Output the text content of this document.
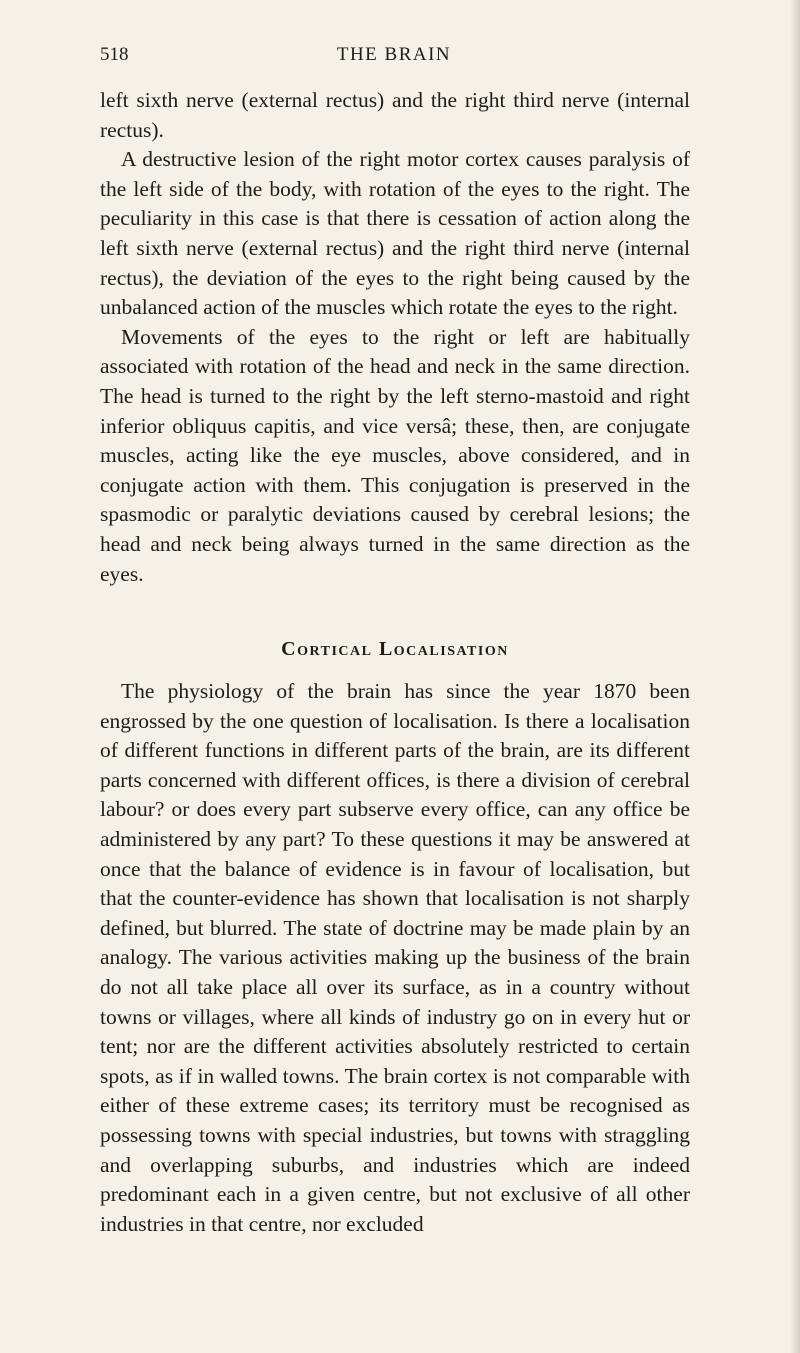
518	THE BRAIN

left sixth nerve (external rectus) and the right third nerve (internal rectus).

A destructive lesion of the right motor cortex causes paralysis of the left side of the body, with rotation of the eyes to the right. The peculiarity in this case is that there is cessation of action along the left sixth nerve (external rectus) and the right third nerve (internal rectus), the deviation of the eyes to the right being caused by the unbalanced action of the muscles which rotate the eyes to the right.

Movements of the eyes to the right or left are habitually associated with rotation of the head and neck in the same direction. The head is turned to the right by the left sterno-mastoid and right inferior obliquus capitis, and vice versâ; these, then, are conjugate muscles, acting like the eye muscles, above considered, and in conjugate action with them. This conjugation is preserved in the spasmodic or paralytic deviations caused by cerebral lesions; the head and neck being always turned in the same direction as the eyes.

Cortical Localisation

The physiology of the brain has since the year 1870 been engrossed by the one question of localisation. Is there a localisation of different functions in different parts of the brain, are its different parts concerned with different offices, is there a division of cerebral labour? or does every part subserve every office, can any office be administered by any part? To these questions it may be answered at once that the balance of evidence is in favour of localisation, but that the counter-evidence has shown that localisation is not sharply defined, but blurred. The state of doctrine may be made plain by an analogy. The various activities making up the business of the brain do not all take place all over its surface, as in a country without towns or villages, where all kinds of industry go on in every hut or tent; nor are the different activities absolutely restricted to certain spots, as if in walled towns. The brain cortex is not comparable with either of these extreme cases; its territory must be recognised as possessing towns with special industries, but towns with straggling and overlapping suburbs, and industries which are indeed predominant each in a given centre, but not exclusive of all other industries in that centre, nor excluded
